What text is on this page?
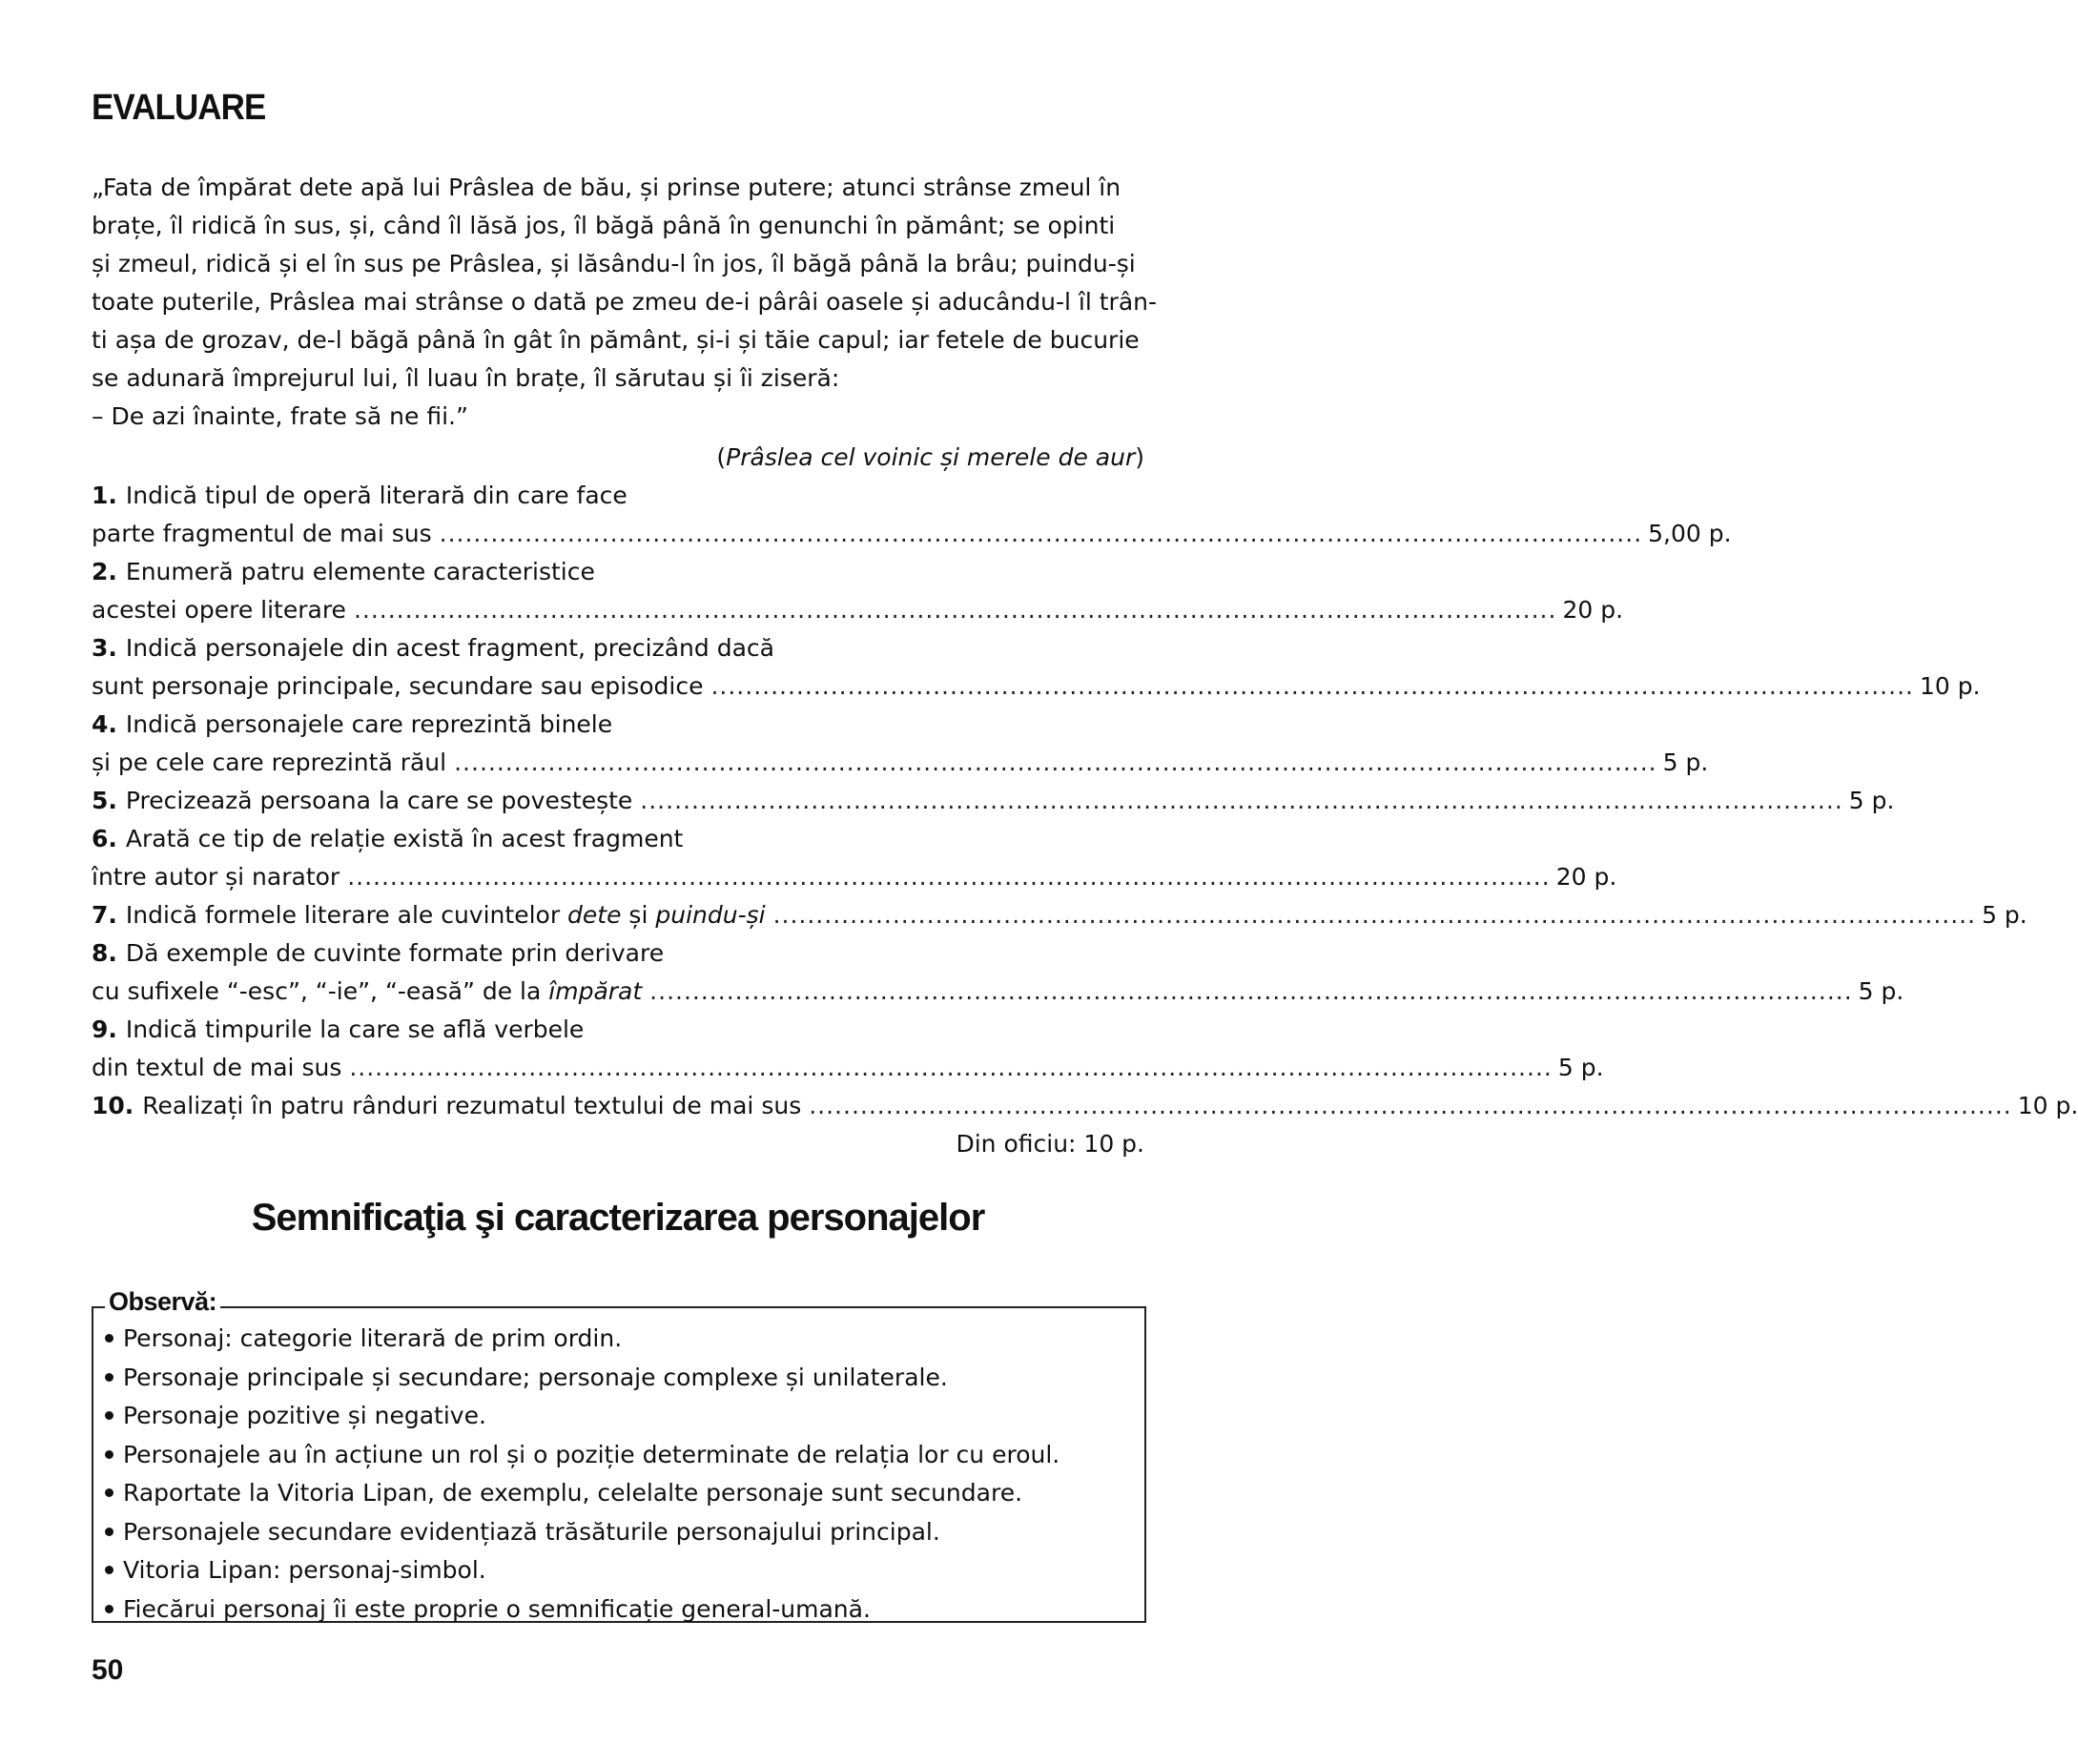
EVALUARE
„Fata de împărat dete apă lui Prâslea de bău, și prinse putere; atunci strânse zmeul în
brațe, îl ridică în sus, și, când îl lăsă jos, îl băgă până în genunchi în pământ; se opinti
și zmeul, ridică și el în sus pe Prâslea, și lăsându-l în jos, îl băgă până la brâu; puindu-și
toate puterile, Prâslea mai strânse o dată pe zmeu de-i pârâi oasele și aducându-l îl trân-
ti așa de grozav, de-l băgă până în gât în pământ, și-i și tăie capul; iar fetele de bucurie
se adunară împrejurul lui, îl luau în brațe, îl sărutau și îi ziseră:
– De azi înainte, frate să ne fii.”
(Prâslea cel voinic și merele de aur)
1. Indică tipul de operă literară din care face
parte fragmentul de mai sus ............................................................................................................................................. 5,00 p.
2. Enumeră patru elemente caracteristice
acestei opere literare ............................................................................................................................................. 20 p.
3. Indică personajele din acest fragment, precizând dacă
sunt personaje principale, secundare sau episodice ............................................................................................................................................. 10 p.
4. Indică personajele care reprezintă binele
și pe cele care reprezintă răul ............................................................................................................................................. 5 p.
5. Precizează persoana la care se povestește ............................................................................................................................................. 5 p.
6. Arată ce tip de relație există în acest fragment
între autor și narator ............................................................................................................................................. 20 p.
7. Indică formele literare ale cuvintelor dete și puindu-și ............................................................................................................................................. 5 p.
8. Dă exemple de cuvinte formate prin derivare
cu sufixele “-esc”, “-ie”, “-easă” de la împărat ............................................................................................................................................. 5 p.
9. Indică timpurile la care se află verbele
din textul de mai sus ............................................................................................................................................. 5 p.
10. Realizați în patru rânduri rezumatul textului de mai sus ............................................................................................................................................. 10 p.
Din oficiu: 10 p.
Semnificaţia şi caracterizarea personajelor
Observă:
Personaj: categorie literară de prim ordin.
Personaje principale și secundare; personaje complexe și unilaterale.
Personaje pozitive și negative.
Personajele au în acțiune un rol și o poziție determinate de relația lor cu eroul.
Raportate la Vitoria Lipan, de exemplu, celelalte personaje sunt secundare.
Personajele secundare evidențiază trăsăturile personajului principal.
Vitoria Lipan: personaj-simbol.
Fiecărui personaj îi este proprie o semnificație general-umană.
50
